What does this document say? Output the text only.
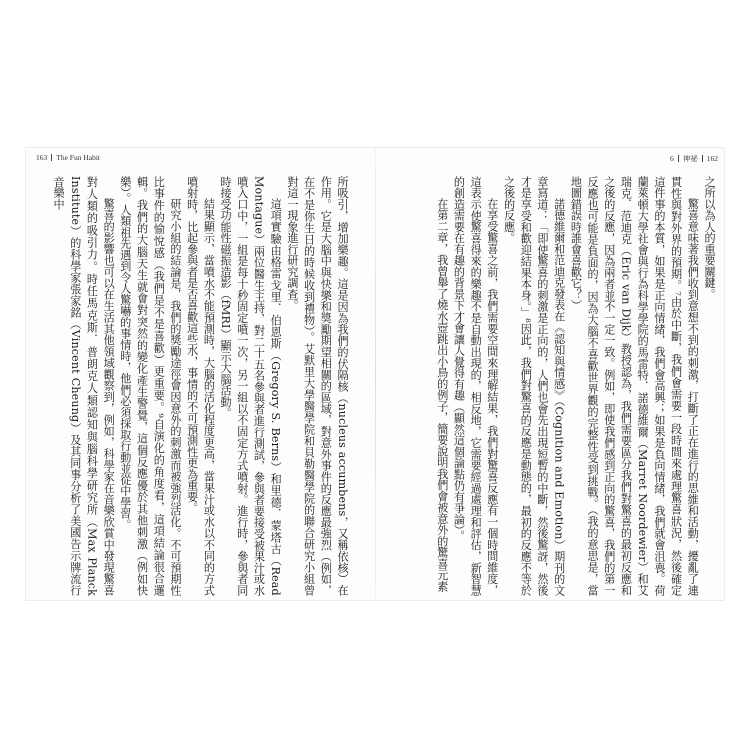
163 The Fun Habit

所吸引，增加樂趣。這是因為我們的伏隔核（nucleus accumbens，又稱依核）在作用。它是大腦中與快樂和獎勵期望相關的區域，對意外事件的反應最強烈（例如，在不是你生日的時候收到禮物）。艾默里大學醫學院和貝勒醫學院的聯合研究小組曾對這一現象進行研究調查。

這項實驗由格雷戈里．伯恩斯（Gregory S. Berns）和里德．蒙塔古（Read Montague）兩位醫生主持，對二十五名參與者進行測試，參與者要接受被果汁或水噴入口中，一組是每十秒固定噴一次，另一組以不固定方式噴射。進行時，參與者同時接受功能性磁振造影（fMRI）顯示大腦活動。

結果顯示，當噴水不能預測時，大腦的活化程度更高，當果汁或水以不同的方式噴射時，比起參與者是否喜歡這些水，事情的不可預測性更為重要。

研究小組的結論是，我們的獎勵途徑會因意外的刺激而被強烈活化。不可預期性比事件的愉悅感（我們是不是喜歡）更重要。⁹自演化的角度看，這項結論很合邏輯。我們的大腦天生就會對突然的變化產生警覺，這個反應優於其他刺激（例如快樂）。人類祖先遇到令人驚嚇的事情時，他們必須採取行動並從中學習。

驚喜的影響也可以在生活其他領域觀察到，例如，科學家在音樂欣賞中發現驚喜對人類的吸引力。時任馬克斯．普朗克人類認知與腦科學研究所（Max Planck Institute）的科學家張家銘（Vincent Cheung）及其同事分析了美國告示牌流行音樂中

6 神祕 162

之所以為人的重要關鍵。

驚喜意味著我們收到意想不到的刺激，打斷了正在進行的思維和活動，擾亂了連貫性與對外界的預期。⁷由於中斷，我們會需要一段時間來處理驚喜狀況，然後確定這件事的本質，如果是正向情緒，我們會高興；如果是負向情緒，我們就會沮喪。荷蘭萊頓大學社會與行為科學學院的馬雷特．諾德維爾（Marret Noordewier）和艾瑞克．范迪克（Eric van Dijk）教授認為，我們需要區分我們對驚喜的最初反應和之後的反應，因為兩者並不一定一致。例如，即使我們感到正向的驚喜，我們的第一反應也可能是負面的，因為大腦不喜歡世界觀的完整性受到挑戰。（我的意思是，當地圖錯誤時誰會喜歡它？）

諾德維爾和范迪克發表在《認知與情感》（Cognition and Emotion）期刊的文章寫道：「即使驚喜的刺激是正向的，人們也會先出現短暫的中斷，然後驚訝，然後才是享受和歡迎結果本身。」⁸因此，我們對驚喜的反應是動態的，最初的反應不等於之後的反應。

在享受驚喜之前，我們需要空間來理解結果，我們對驚喜反應有一個時間維度，這表示使驚喜得來的樂趣不是自動出現的，相反地，它需要經過處理和評估，新智慧的創造需要在有趣的背景下才會讓人覺得有趣（顯然這個論點仍有爭論）。

在第二章，我曾舉了燒水壺跳出小鳥的例子，簡要說明我們會被意外的驚喜元素
